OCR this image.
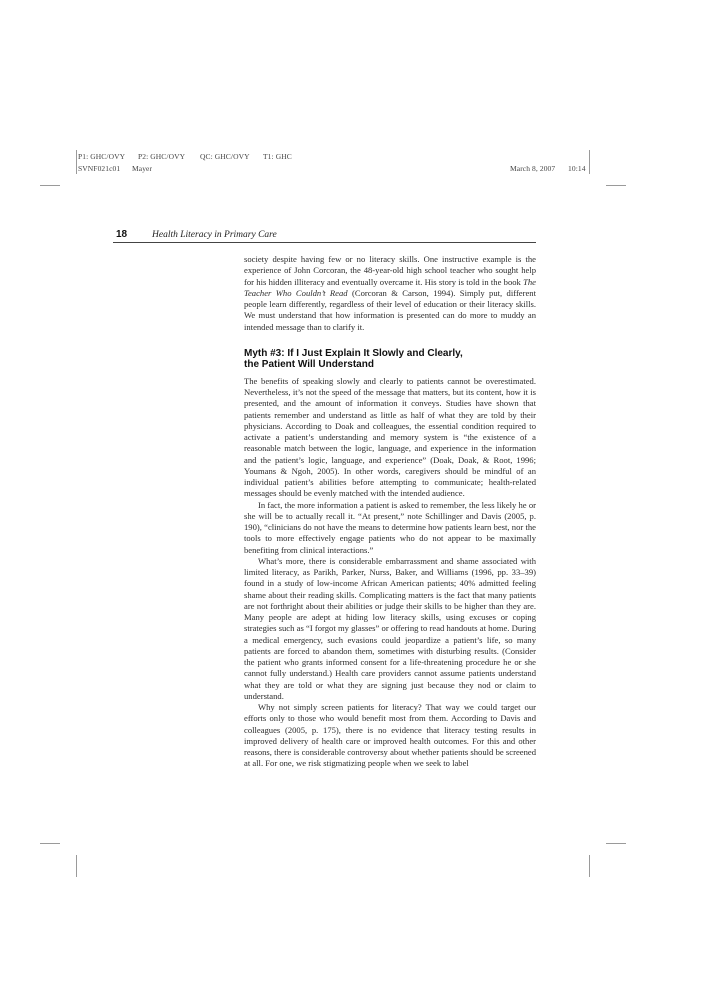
P1: GHC/OVY P2: GHC/OVY QC: GHC/OVY T1: GHC
SVNF021c01 Mayer	March 8, 2007 10:14
18	Health Literacy in Primary Care

society despite having few or no literacy skills. One instructive example is the experience of John Corcoran, the 48-year-old high school teacher who sought help for his hidden illiteracy and eventually overcame it. His story is told in the book The Teacher Who Couldn’t Read (Corcoran & Carson, 1994). Simply put, different people learn differently, regardless of their level of education or their literacy skills. We must understand that how information is presented can do more to muddy an intended message than to clarify it.

Myth #3: If I Just Explain It Slowly and Clearly,
the Patient Will Understand

The benefits of speaking slowly and clearly to patients cannot be overestimated. Nevertheless, it’s not the speed of the message that matters, but its content, how it is presented, and the amount of information it conveys. Studies have shown that patients remember and understand as little as half of what they are told by their physicians. According to Doak and colleagues, the essential condition required to activate a patient’s understanding and memory system is “the existence of a reasonable match between the logic, language, and experience in the information and the patient’s logic, language, and experience” (Doak, Doak, & Root, 1996; Youmans & Ngoh, 2005). In other words, caregivers should be mindful of an individual patient’s abilities before attempting to communicate; health-related messages should be evenly matched with the intended audience.

In fact, the more information a patient is asked to remember, the less likely he or she will be to actually recall it. “At present,” note Schillinger and Davis (2005, p. 190), “clinicians do not have the means to determine how patients learn best, nor the tools to more effectively engage patients who do not appear to be maximally benefiting from clinical interactions.”

What’s more, there is considerable embarrassment and shame associated with limited literacy, as Parikh, Parker, Nurss, Baker, and Williams (1996, pp. 33–39) found in a study of low-income African American patients; 40% admitted feeling shame about their reading skills. Complicating matters is the fact that many patients are not forthright about their abilities or judge their skills to be higher than they are. Many people are adept at hiding low literacy skills, using excuses or coping strategies such as “I forgot my glasses” or offering to read handouts at home. During a medical emergency, such evasions could jeopardize a patient’s life, so many patients are forced to abandon them, sometimes with disturbing results. (Consider the patient who grants informed consent for a life-threatening procedure he or she cannot fully understand.) Health care providers cannot assume patients understand what they are told or what they are signing just because they nod or claim to understand.

Why not simply screen patients for literacy? That way we could target our efforts only to those who would benefit most from them. According to Davis and colleagues (2005, p. 175), there is no evidence that literacy testing results in improved delivery of health care or improved health outcomes. For this and other reasons, there is considerable controversy about whether patients should be screened at all. For one, we risk stigmatizing people when we seek to label
